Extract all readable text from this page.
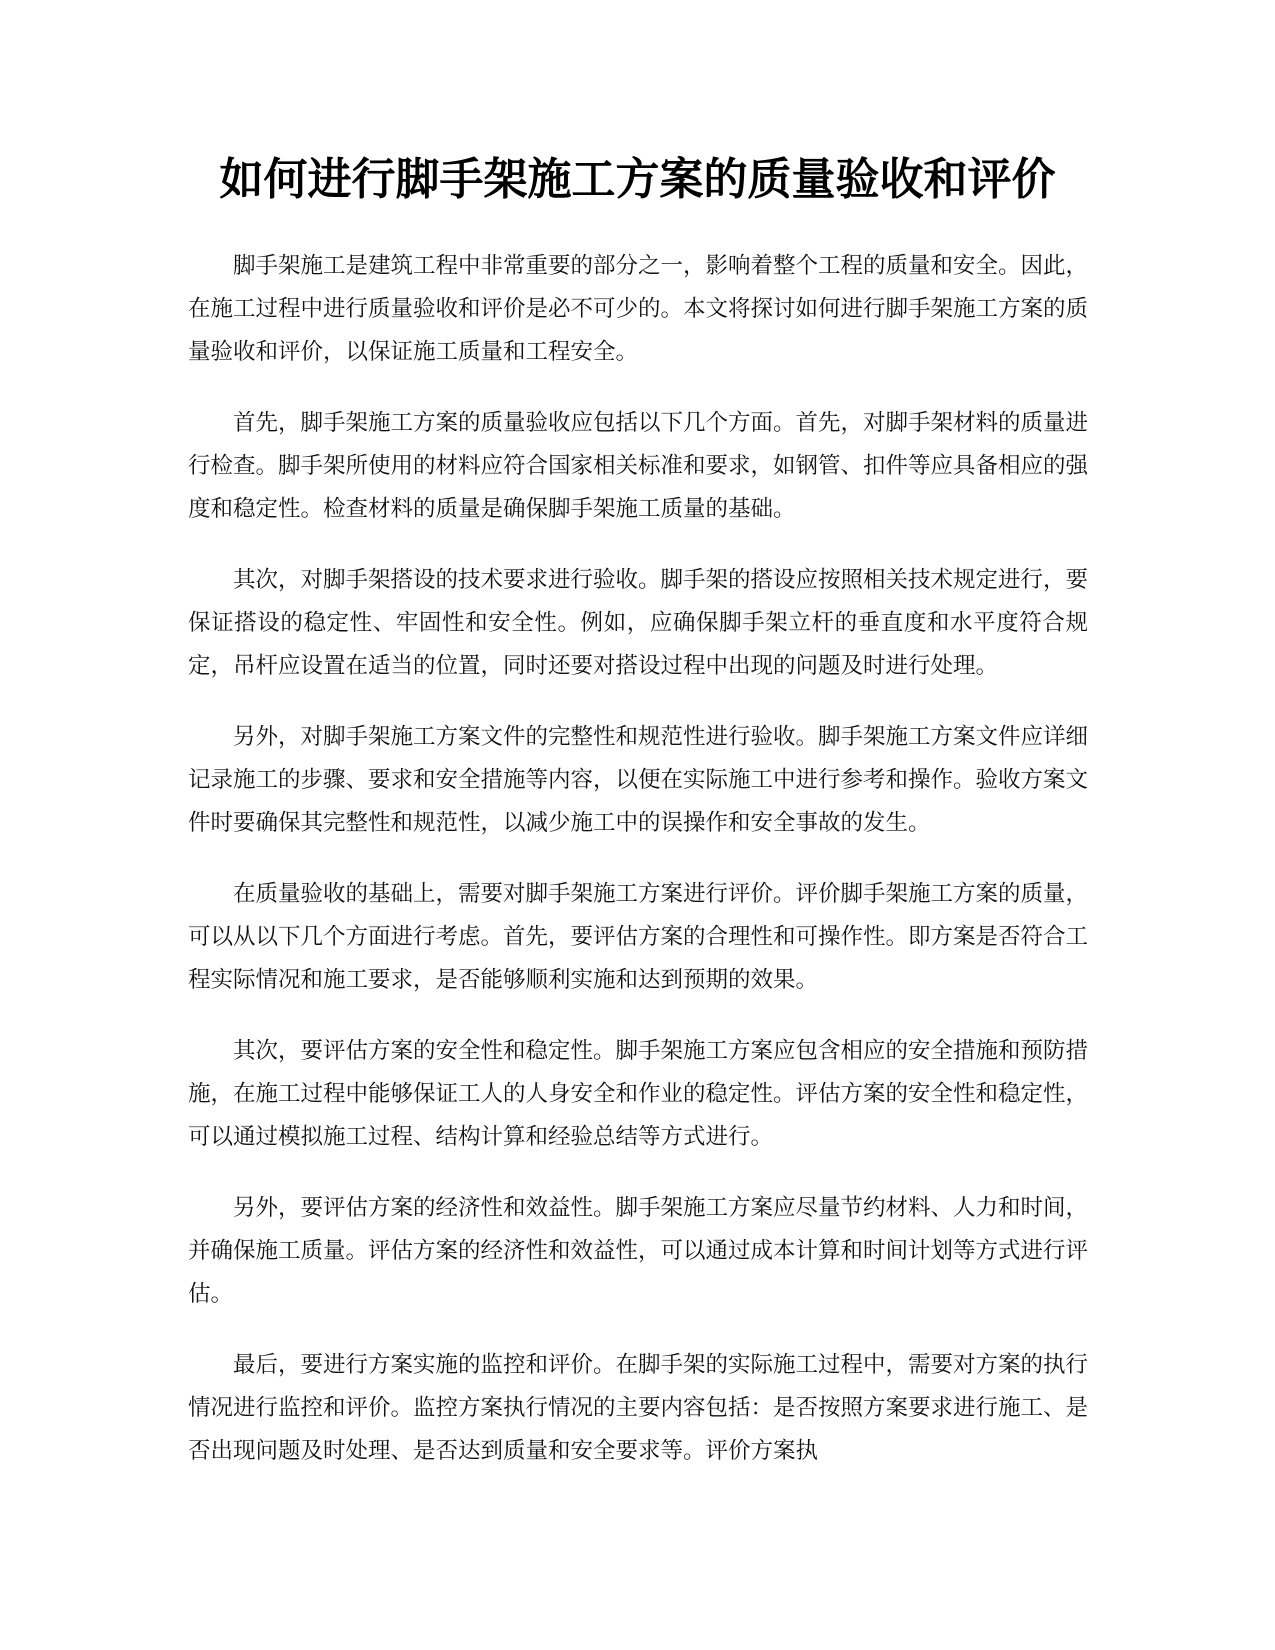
如何进行脚手架施工方案的质量验收和评价

脚手架施工是建筑工程中非常重要的部分之一，影响着整个工程的质量和安全。因此，在施工过程中进行质量验收和评价是必不可少的。本文将探讨如何进行脚手架施工方案的质量验收和评价，以保证施工质量和工程安全。

首先，脚手架施工方案的质量验收应包括以下几个方面。首先，对脚手架材料的质量进行检查。脚手架所使用的材料应符合国家相关标准和要求，如钢管、扣件等应具备相应的强度和稳定性。检查材料的质量是确保脚手架施工质量的基础。

其次，对脚手架搭设的技术要求进行验收。脚手架的搭设应按照相关技术规定进行，要保证搭设的稳定性、牢固性和安全性。例如，应确保脚手架立杆的垂直度和水平度符合规定，吊杆应设置在适当的位置，同时还要对搭设过程中出现的问题及时进行处理。

另外，对脚手架施工方案文件的完整性和规范性进行验收。脚手架施工方案文件应详细记录施工的步骤、要求和安全措施等内容，以便在实际施工中进行参考和操作。验收方案文件时要确保其完整性和规范性，以减少施工中的误操作和安全事故的发生。

在质量验收的基础上，需要对脚手架施工方案进行评价。评价脚手架施工方案的质量，可以从以下几个方面进行考虑。首先，要评估方案的合理性和可操作性。即方案是否符合工程实际情况和施工要求，是否能够顺利实施和达到预期的效果。

其次，要评估方案的安全性和稳定性。脚手架施工方案应包含相应的安全措施和预防措施，在施工过程中能够保证工人的人身安全和作业的稳定性。评估方案的安全性和稳定性，可以通过模拟施工过程、结构计算和经验总结等方式进行。

另外，要评估方案的经济性和效益性。脚手架施工方案应尽量节约材料、人力和时间，并确保施工质量。评估方案的经济性和效益性，可以通过成本计算和时间计划等方式进行评估。

最后，要进行方案实施的监控和评价。在脚手架的实际施工过程中，需要对方案的执行情况进行监控和评价。监控方案执行情况的主要内容包括：是否按照方案要求进行施工、是否出现问题及时处理、是否达到质量和安全要求等。评价方案执
